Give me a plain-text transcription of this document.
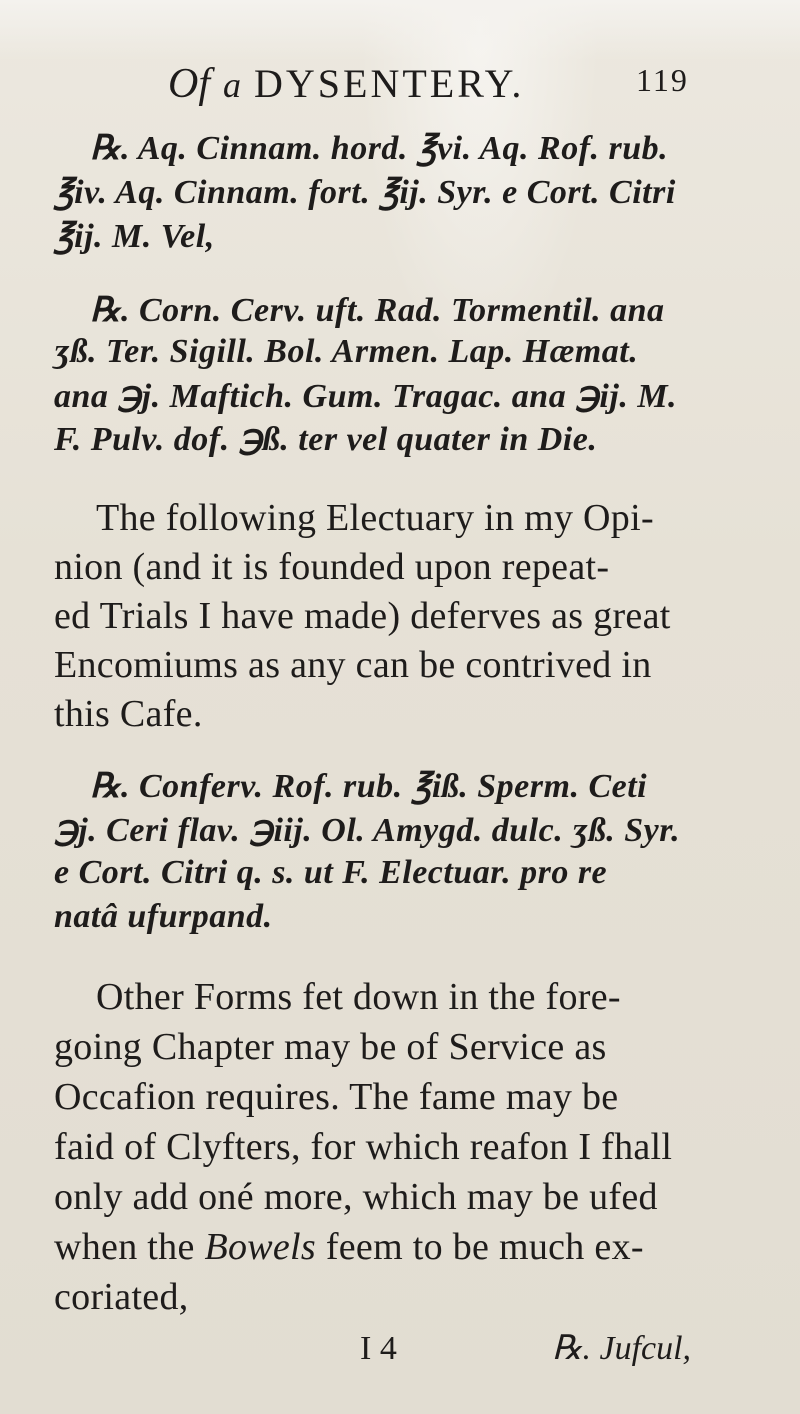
Of a DYSENTERY.	119
℞. Aq. Cinnam. hord. ℥vi. Aq. Rof. rub.
℥iv. Aq. Cinnam. fort. ℥ij. Syr. e Cort. Citri
℥ij. M. Vel,
℞. Corn. Cerv. uft. Rad. Tormentil. ana
ʒß. Ter. Sigill. Bol. Armen. Lap. Hæmat.
ana ℈j. Maftich. Gum. Tragac. ana ℈ij. M.
F. Pulv. dof. ℈ß. ter vel quater in Die.
The following Electuary in my Opi-
nion (and it is founded upon repeat-
ed Trials I have made) deferves as great
Encomiums as any can be contrived in
this Cafe.
℞. Conferv. Rof. rub. ℥iß. Sperm. Ceti
℈j. Ceri flav. ℈iij. Ol. Amygd. dulc. ʒß. Syr.
e Cort. Citri q. s. ut F. Electuar. pro re
natâ ufurpand.
Other Forms fet down in the fore-
going Chapter may be of Service as
Occafion requires. The fame may be
faid of Clyfters, for which reafon I fhall
only add oné more, which may be ufed
when the Bowels feem to be much ex-
coriated,
I 4	℞. Jufcul,
